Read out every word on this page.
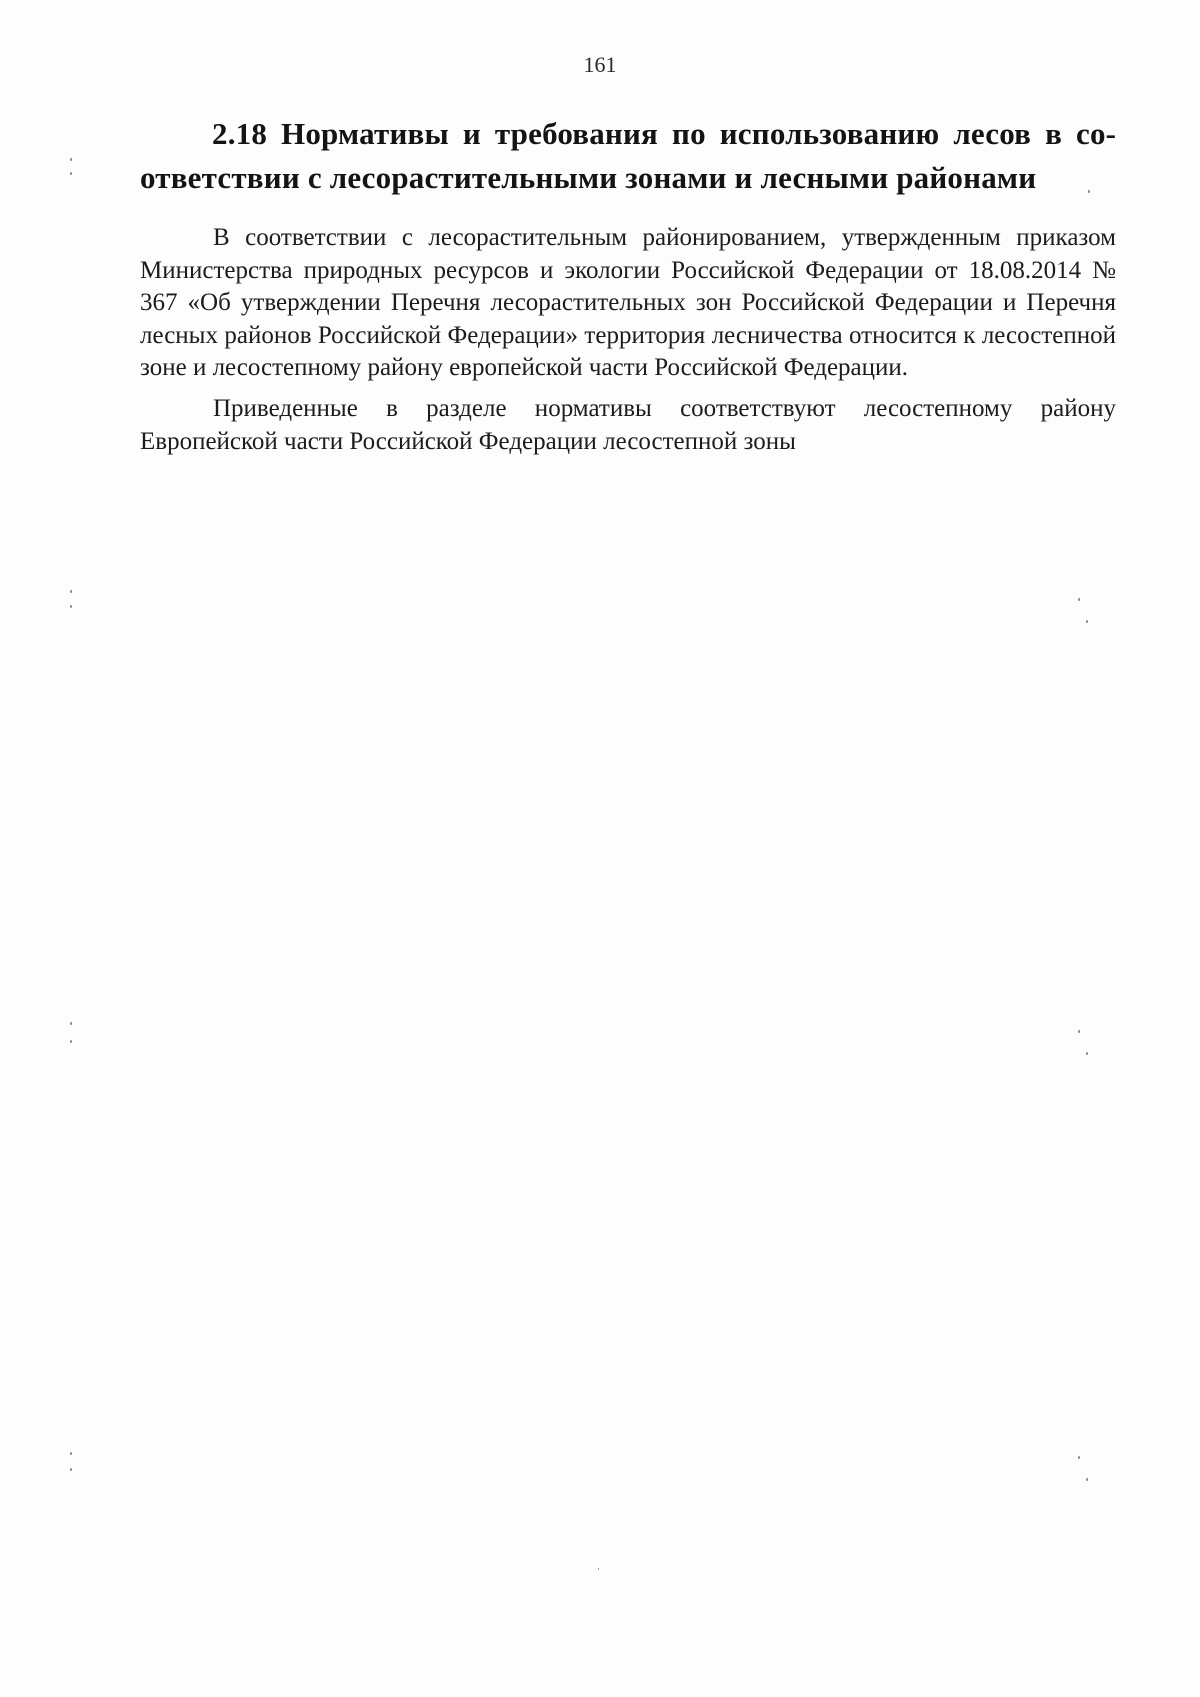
161
2.18 Нормативы и требования по использованию лесов в соответствии с лесорастительными зонами и лесными районами

В соответствии с лесорастительным районированием, утвержденным приказом Министерства природных ресурсов и экологии Российской Федерации от 18.08.2014 № 367 «Об утверждении Перечня лесорастительных зон Российской Федерации и Перечня лесных районов Российской Федерации» территория лесничества относится к лесостепной зоне и лесостепному району европейской части Российской Федерации.

Приведенные в разделе нормативы соответствуют лесостепному району Европейской части Российской Федерации лесостепной зоны
